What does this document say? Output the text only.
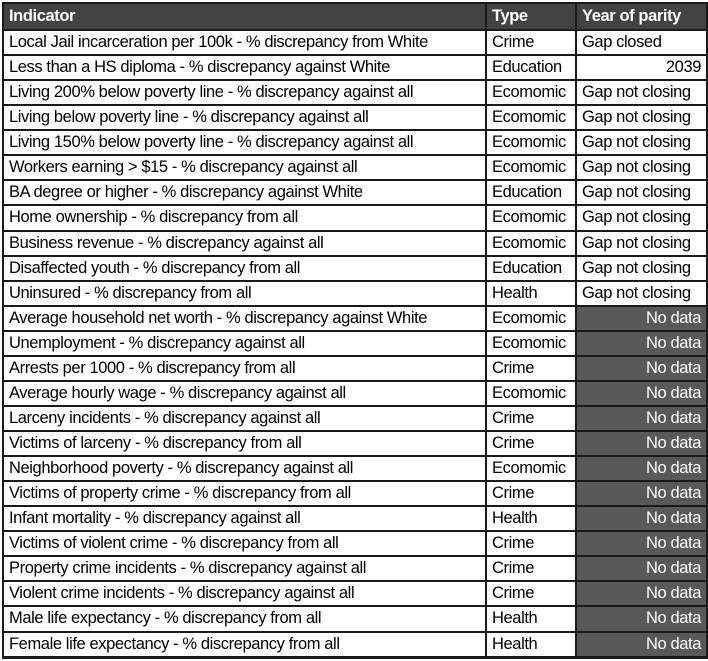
Indicator	Type	Year of parity
Local Jail incarceration per 100k - % discrepancy from White	Crime	Gap closed
Less than a HS diploma - % discrepancy against White	Education	2039
Living 200% below poverty line - % discrepancy against all	Ecomomic	Gap not closing
Living below poverty line - % discrepancy against all	Ecomomic	Gap not closing
Living 150% below poverty line - % discrepancy against all	Ecomomic	Gap not closing
Workers earning > $15 - % discrepancy against all	Ecomomic	Gap not closing
BA degree or higher - % discrepancy against White	Education	Gap not closing
Home ownership - % discrepancy from all	Ecomomic	Gap not closing
Business revenue - % discrepancy against all	Ecomomic	Gap not closing
Disaffected youth - % discrepancy from all	Education	Gap not closing
Uninsured - % discrepancy from all	Health	Gap not closing
Average household net worth - % discrepancy against White	Ecomomic	No data
Unemployment - % discrepancy against all	Ecomomic	No data
Arrests per 1000 - % discrepancy from all	Crime	No data
Average hourly wage - % discrepancy against all	Ecomomic	No data
Larceny incidents - % discrepancy against all	Crime	No data
Victims of larceny - % discrepancy from all	Crime	No data
Neighborhood poverty - % discrepancy against all	Ecomomic	No data
Victims of property crime - % discrepancy from all	Crime	No data
Infant mortality - % discrepancy against all	Health	No data
Victims of violent crime - % discrepancy from all	Crime	No data
Property crime incidents - % discrepancy against all	Crime	No data
Violent crime incidents - % discrepancy against all	Crime	No data
Male life expectancy - % discrepancy from all	Health	No data
Female life expectancy - % discrepancy from all	Health	No data
